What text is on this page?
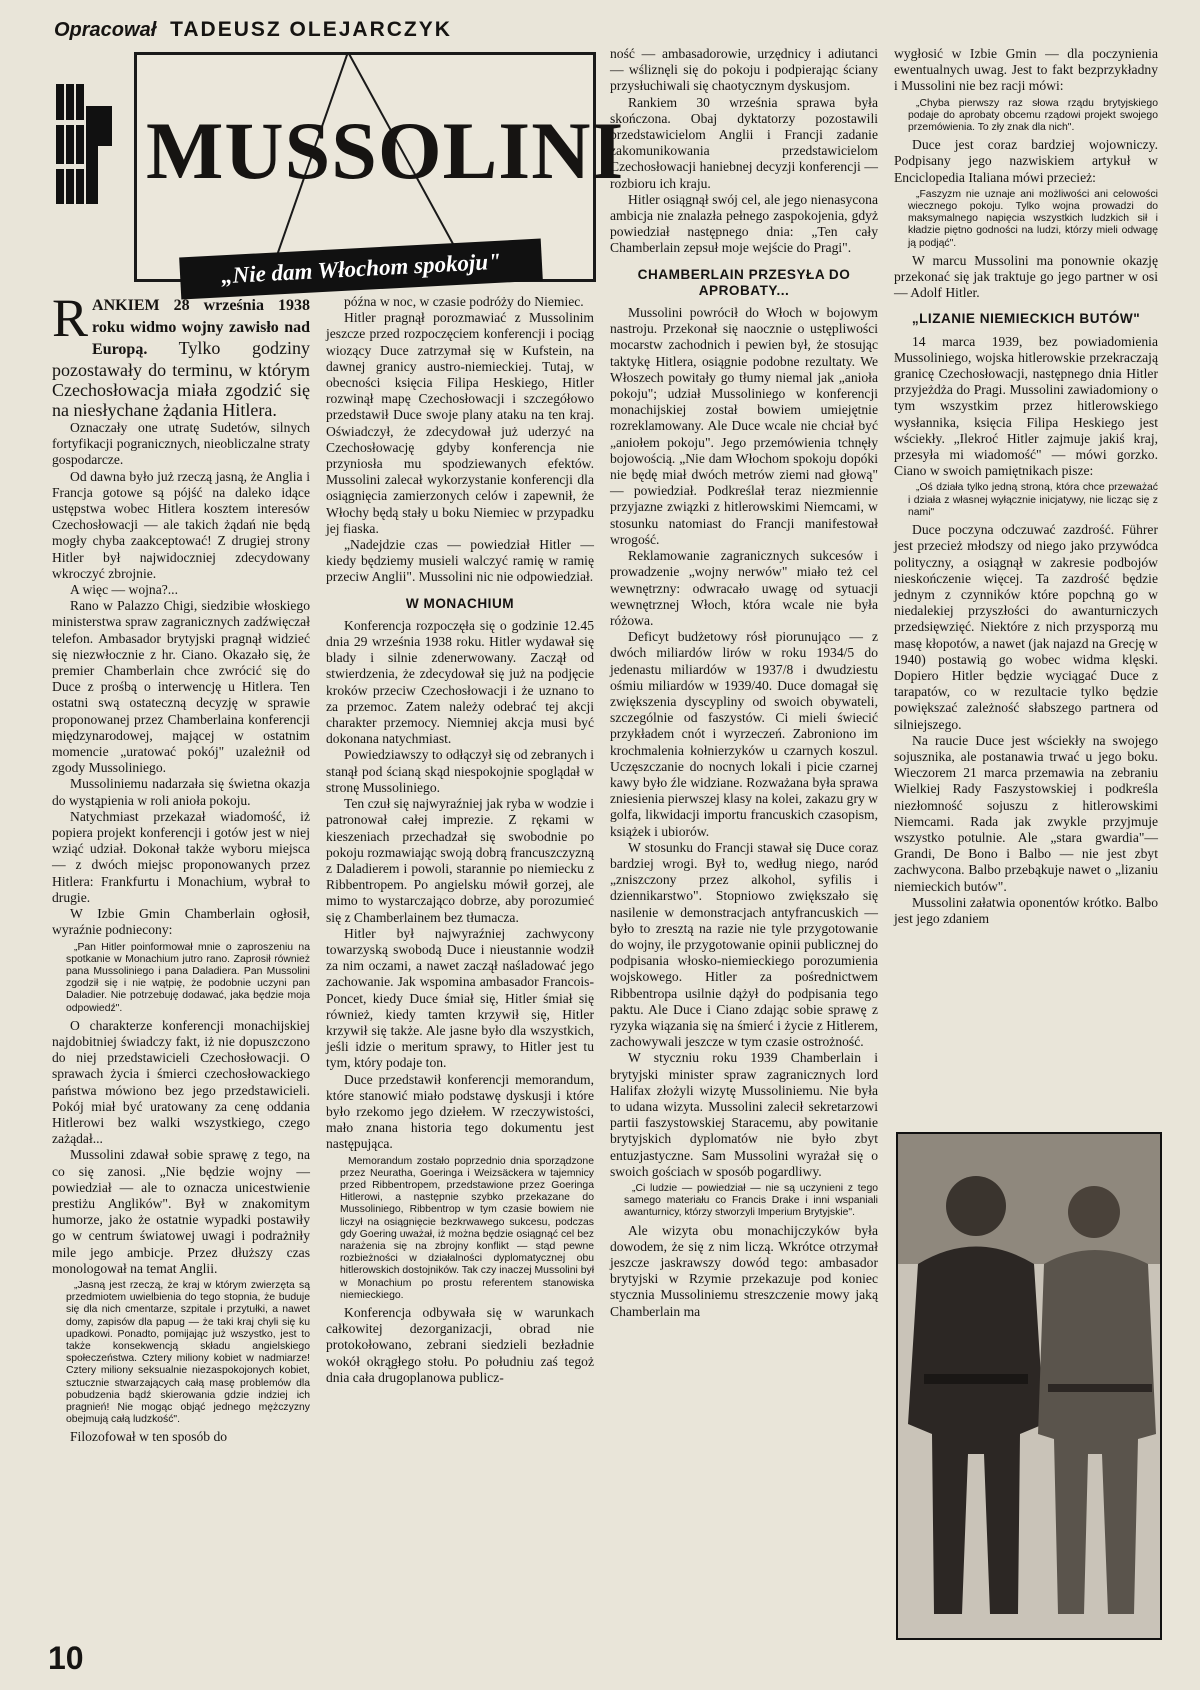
Opracował TADEUSZ OLEJARCZYK
MUSSOLINI
„Nie dam Włochom spokoju"

RANKIEM 28 września 1938 roku widmo wojny zawisło nad Europą. Tylko godziny pozostawały do terminu, w którym Czechosłowacja miała zgodzić się na niesłychane żądania Hitlera.

Oznaczały one utratę Sudetów, silnych fortyfikacji pogranicznych, nieobliczalne straty gospodarcze.

Od dawna było już rzeczą jasną, że Anglia i Francja gotowe są pójść na daleko idące ustępstwa wobec Hitlera kosztem interesów Czechosłowacji — ale takich żądań nie będą mogły chyba zaakceptować! Z drugiej strony Hitler był najwidoczniej zdecydowany wkroczyć zbrojnie.

A więc — wojna?...

Rano w Palazzo Chigi, siedzibie włoskiego ministerstwa spraw zagranicznych zadźwięczał telefon. Ambasador brytyjski pragnął widzieć się niezwłocznie z hr. Ciano. Okazało się, że premier Chamberlain chce zwrócić się do Duce z prośbą o interwencję u Hitlera. Ten ostatni swą ostateczną decyzję w sprawie proponowanej przez Chamberlaina konferencji międzynarodowej, mającej w ostatnim momencie „uratować pokój" uzależnił od zgody Mussoliniego.

Mussoliniemu nadarzała się świetna okazja do wystąpienia w roli anioła pokoju.

Natychmiast przekazał wiadomość, iż popiera projekt konferencji i gotów jest w niej wziąć udział. Dokonał także wyboru miejsca — z dwóch miejsc proponowanych przez Hitlera: Frankfurtu i Monachium, wybrał to drugie.

W Izbie Gmin Chamberlain ogłosił, wyraźnie podniecony:

„Pan Hitler poinformował mnie o zaproszeniu na spotkanie w Monachium jutro rano. Zaprosił również pana Mussoliniego i pana Daladiera. Pan Mussolini zgodził się i nie wątpię, że podobnie uczyni pan Daladier. Nie potrzebuję dodawać, jaka będzie moja odpowiedź".

O charakterze konferencji monachijskiej najdobitniej świadczy fakt, iż nie dopuszczono do niej przedstawicieli Czechosłowacji. O sprawach życia i śmierci czechosłowackiego państwa mówiono bez jego przedstawicieli. Pokój miał być uratowany za cenę oddania Hitlerowi bez walki wszystkiego, czego zażądał...

Mussolini zdawał sobie sprawę z tego, na co się zanosi. „Nie będzie wojny — powiedział — ale to oznacza unicestwienie prestiżu Anglików". Był w znakomitym humorze, jako że ostatnie wypadki postawiły go w centrum światowej uwagi i podrażniły mile jego ambicje. Przez dłuższy czas monologował na temat Anglii.

„Jasną jest rzeczą, że kraj w którym zwierzęta są przedmiotem uwielbienia do tego stopnia, że buduje się dla nich cmentarze, szpitale i przytułki, a nawet domy, zapisów dla papug — że taki kraj chyli się ku upadkowi. Ponadto, pomijając już wszystko, jest to także konsekwencją składu angielskiego społeczeństwa. Cztery miliony kobiet w nadmiarze! Cztery miliony seksualnie niezaspokojonych kobiet, sztucznie stwarzających całą masę problemów dla pobudzenia bądź skierowania gdzie indziej ich pragnień! Nie mogąc objąć jednego mężczyzny obejmują całą ludzkość".

Filozofował w ten sposób do

późna w noc, w czasie podróży do Niemiec.

Hitler pragnął porozmawiać z Mussolinim jeszcze przed rozpoczęciem konferencji i pociąg wiozący Duce zatrzymał się w Kufstein, na dawnej granicy austro-niemieckiej. Tutaj, w obecności księcia Filipa Heskiego, Hitler rozwinął mapę Czechosłowacji i szczegółowo przedstawił Duce swoje plany ataku na ten kraj. Oświadczył, że zdecydował już uderzyć na Czechosłowację gdyby konferencja nie przyniosła mu spodziewanych efektów. Mussolini zalecał wykorzystanie konferencji dla osiągnięcia zamierzonych celów i zapewnił, że Włochy będą stały u boku Niemiec w przypadku jej fiaska.

„Nadejdzie czas — powiedział Hitler — kiedy będziemy musieli walczyć ramię w ramię przeciw Anglii". Mussolini nic nie odpowiedział.

W MONACHIUM

Konferencja rozpoczęła się o godzinie 12.45 dnia 29 września 1938 roku. Hitler wydawał się blady i silnie zdenerwowany. Zaczął od stwierdzenia, że zdecydował się już na podjęcie kroków przeciw Czechosłowacji i że uznano to za przemoc. Zatem należy odebrać tej akcji charakter przemocy. Niemniej akcja musi być dokonana natychmiast.

Powiedziawszy to odłączył się od zebranych i stanął pod ścianą skąd niespokojnie spoglądał w stronę Mussoliniego.

Ten czuł się najwyraźniej jak ryba w wodzie i patronował całej imprezie. Z rękami w kieszeniach przechadzał się swobodnie po pokoju rozmawiając swoją dobrą francuszczyzną z Daladierem i powoli, starannie po niemiecku z Ribbentropem. Po angielsku mówił gorzej, ale mimo to wystarczająco dobrze, aby porozumieć się z Chamberlainem bez tłumacza.

Hitler był najwyraźniej zachwycony towarzyską swobodą Duce i nieustannie wodził za nim oczami, a nawet zaczął naśladować jego zachowanie. Jak wspomina ambasador Francois-Poncet, kiedy Duce śmiał się, Hitler śmiał się również, kiedy tamten krzywił się, Hitler krzywił się także. Ale jasne było dla wszystkich, jeśli idzie o meritum sprawy, to Hitler jest tu tym, który podaje ton.

Duce przedstawił konferencji memorandum, które stanowić miało podstawę dyskusji i które było rzekomo jego dziełem. W rzeczywistości, mało znana historia tego dokumentu jest następująca.

Memorandum zostało poprzednio dnia sporządzone przez Neuratha, Goeringa i Weizsäckera w tajemnicy przed Ribbentropem, przedstawione przez Goeringa Hitlerowi, a następnie szybko przekazane do Mussoliniego, Ribbentrop w tym czasie bowiem nie liczył na osiągnięcie bezkrwawego sukcesu, podczas gdy Goering uważał, iż można będzie osiągnąć cel bez narażenia się na zbrojny konflikt — stąd pewne rozbieżności w działalności dyplomatycznej obu hitlerowskich dostojników. Tak czy inaczej Mussolini był w Monachium po prostu referentem stanowiska niemieckiego.

Konferencja odbywała się w warunkach całkowitej dezorganizacji, obrad nie protokołowano, zebrani siedzieli bezładnie wokół okrągłego stołu. Po południu zaś tegoż dnia cała drugoplanowa publicz-

ność — ambasadorowie, urzędnicy i adiutanci — wśliznęli się do pokoju i podpierając ściany przysłuchiwali się chaotycznym dyskusjom.

Rankiem 30 września sprawa była skończona. Obaj dyktatorzy pozostawili przedstawicielom Anglii i Francji zadanie zakomunikowania przedstawicielom Czechosłowacji haniebnej decyzji konferencji — rozbioru ich kraju.

Hitler osiągnął swój cel, ale jego nienasycona ambicja nie znalazła pełnego zaspokojenia, gdyż powiedział następnego dnia: „Ten cały Chamberlain zepsuł moje wejście do Pragi".

CHAMBERLAIN PRZESYŁA DO APROBATY...

Mussolini powrócił do Włoch w bojowym nastroju. Przekonał się naocznie o ustępliwości mocarstw zachodnich i pewien był, że stosując taktykę Hitlera, osiągnie podobne rezultaty. We Włoszech powitały go tłumy niemal jak „anioła pokoju"; udział Mussoliniego w konferencji monachijskiej został bowiem umiejętnie rozreklamowany. Ale Duce wcale nie chciał być „aniołem pokoju". Jego przemówienia tchnęły bojowością. „Nie dam Włochom spokoju dopóki nie będę miał dwóch metrów ziemi nad głową" — powiedział. Podkreślał teraz niezmiennie przyjazne związki z hitlerowskimi Niemcami, w stosunku natomiast do Francji manifestował wrogość.

Reklamowanie zagranicznych sukcesów i prowadzenie „wojny nerwów" miało też cel wewnętrzny: odwracało uwagę od sytuacji wewnętrznej Włoch, która wcale nie była różowa.

Deficyt budżetowy rósł piorunująco — z dwóch miliardów lirów w roku 1934/5 do jedenastu miliardów w 1937/8 i dwudziestu ośmiu miliardów w 1939/40. Duce domagał się zwiększenia dyscypliny od swoich obywateli, szczególnie od faszystów. Ci mieli świecić przykładem cnót i wyrzeczeń. Zabroniono im krochmalenia kołnierzyków u czarnych koszul. Uczęszczanie do nocnych lokali i picie czarnej kawy było źle widziane. Rozważana była sprawa zniesienia pierwszej klasy na kolei, zakazu gry w golfa, likwidacji importu francuskich czasopism, książek i ubiorów.

W stosunku do Francji stawał się Duce coraz bardziej wrogi. Był to, według niego, naród „zniszczony przez alkohol, syfilis i dziennikarstwo". Stopniowo zwiększało się nasilenie w demonstracjach antyfrancuskich — było to zresztą na razie nie tyle przygotowanie do wojny, ile przygotowanie opinii publicznej do podpisania włosko-niemieckiego porozumienia wojskowego. Hitler za pośrednictwem Ribbentropa usilnie dążył do podpisania tego paktu. Ale Duce i Ciano zdając sobie sprawę z ryzyka wiązania się na śmierć i życie z Hitlerem, zachowywali jeszcze w tym czasie ostrożność.

W styczniu roku 1939 Chamberlain i brytyjski minister spraw zagranicznych lord Halifax złożyli wizytę Mussoliniemu. Nie była to udana wizyta. Mussolini zalecił sekretarzowi partii faszystowskiej Staracemu, aby powitanie brytyjskich dyplomatów nie było zbyt entuzjastyczne. Sam Mussolini wyrażał się o swoich gościach w sposób pogardliwy.

„Ci ludzie — powiedział — nie są uczynieni z tego samego materiału co Francis Drake i inni wspaniali awanturnicy, którzy stworzyli Imperium Brytyjskie".

Ale wizyta obu monachijczyków była dowodem, że się z nim liczą. Wkrótce otrzymał jeszcze jaskrawszy dowód tego: ambasador brytyjski w Rzymie przekazuje pod koniec stycznia Mussoliniemu streszczenie mowy jaką Chamberlain ma

wygłosić w Izbie Gmin — dla poczynienia ewentualnych uwag. Jest to fakt bezprzykładny i Mussolini nie bez racji mówi:

„Chyba pierwszy raz słowa rządu brytyjskiego podaje do aprobaty obcemu rządowi projekt swojego przemówienia. To zły znak dla nich".

Duce jest coraz bardziej wojowniczy. Podpisany jego nazwiskiem artykuł w Enciclopedia Italiana mówi przecież:

„Faszyzm nie uznaje ani możliwości ani celowości wiecznego pokoju. Tylko wojna prowadzi do maksymalnego napięcia wszystkich ludzkich sił i kładzie piętno godności na ludzi, którzy mieli odwagę ją podjąć".

W marcu Mussolini ma ponownie okazję przekonać się jak traktuje go jego partner w osi — Adolf Hitler.

„LIZANIE NIEMIECKICH BUTÓW"

14 marca 1939, bez powiadomienia Mussoliniego, wojska hitlerowskie przekraczają granicę Czechosłowacji, następnego dnia Hitler przyjeżdża do Pragi. Mussolini zawiadomiony o tym wszystkim przez hitlerowskiego wysłannika, księcia Filipa Heskiego jest wściekły. „Ilekroć Hitler zajmuje jakiś kraj, przesyła mi wiadomość" — mówi gorzko. Ciano w swoich pamiętnikach pisze:

„Oś działa tylko jedną stroną, która chce przeważać i działa z własnej wyłącznie inicjatywy, nie licząc się z nami"

Duce poczyna odczuwać zazdrość. Führer jest przecież młodszy od niego jako przywódca polityczny, a osiągnął w zakresie podbojów nieskończenie więcej. Ta zazdrość będzie jednym z czynników które popchną go w niedalekiej przyszłości do awanturniczych przedsięwzięć. Niektóre z nich przysporzą mu masę kłopotów, a nawet (jak najazd na Grecję w 1940) postawią go wobec widma klęski. Dopiero Hitler będzie wyciągać Duce z tarapatów, co w rezultacie tylko będzie powiększać zależność słabszego partnera od silniejszego.

Na raucie Duce jest wściekły na swojego sojusznika, ale postanawia trwać u jego boku. Wieczorem 21 marca przemawia na zebraniu Wielkiej Rady Faszystowskiej i podkreśla niezłomność sojuszu z hitlerowskimi Niemcami. Rada jak zwykle przyjmuje wszystko potulnie. Ale „stara gwardia"— Grandi, De Bono i Balbo — nie jest zbyt zachwycona. Balbo przebąkuje nawet o „lizaniu niemieckich butów".

Mussolini załatwia oponentów krótko. Balbo jest jego zdaniem

10
